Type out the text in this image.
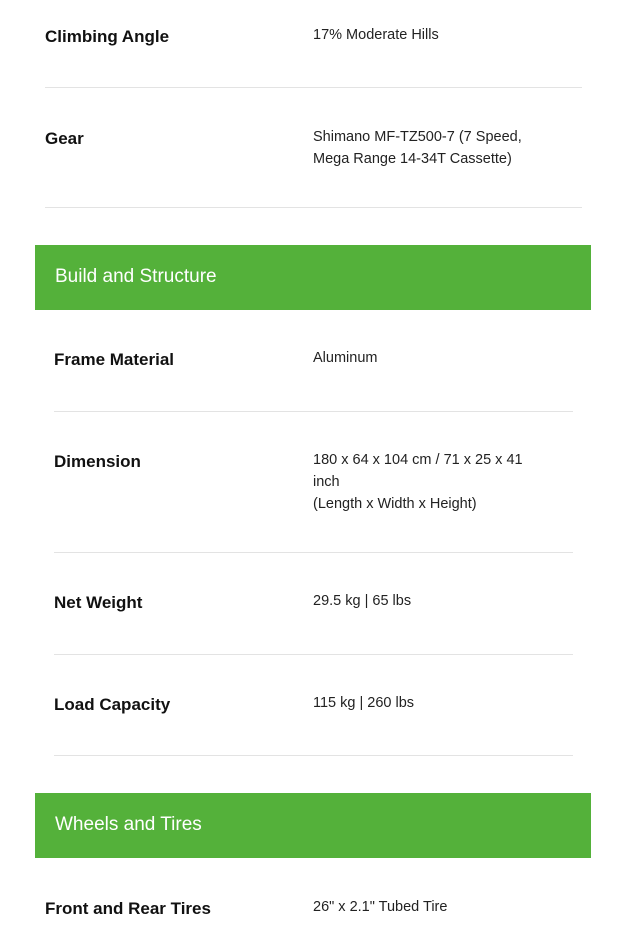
Climbing Angle	17% Moderate Hills
Gear	Shimano MF-TZ500-7 (7 Speed,
Mega Range 14-34T Cassette)
Build and Structure
Frame Material	Aluminum
Dimension	180 x 64 x 104 cm / 71 x 25 x 41
inch
(Length x Width x Height)
Net Weight	29.5 kg | 65 lbs
Load Capacity	115 kg | 260 lbs
Wheels and Tires
Front and Rear Tires	26" x 2.1" Tubed Tire
